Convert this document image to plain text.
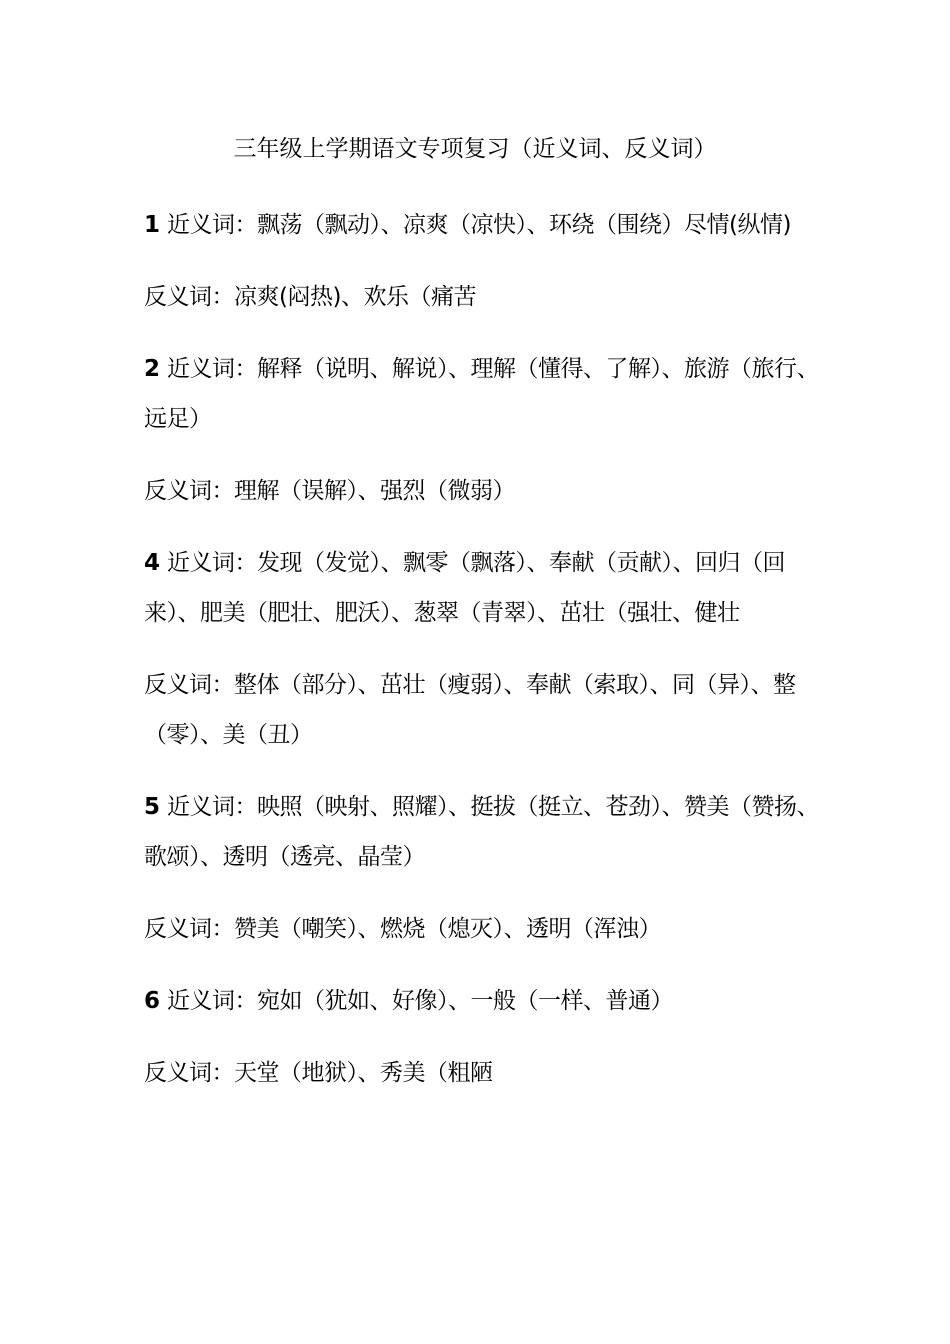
三年级上学期语文专项复习（近义词、反义词）

1 近义词：飘荡（飘动）、凉爽（凉快）、环绕（围绕）尽情(纵情)

反义词：凉爽(闷热)、欢乐（痛苦

2 近义词：解释（说明、解说）、理解（懂得、了解）、旅游（旅行、远足）

反义词：理解（误解）、强烈（微弱）

4 近义词：发现（发觉）、飘零（飘落）、奉献（贡献）、回归（回来）、肥美（肥壮、肥沃）、葱翠（青翠）、茁壮（强壮、健壮

反义词：整体（部分）、茁壮（瘦弱）、奉献（索取）、同（异）、整（零）、美（丑）

5 近义词：映照（映射、照耀）、挺拔（挺立、苍劲）、赞美（赞扬、歌颂）、透明（透亮、晶莹）

反义词：赞美（嘲笑）、燃烧（熄灭）、透明（浑浊）

6 近义词：宛如（犹如、好像）、一般（一样、普通）

反义词：天堂（地狱）、秀美（粗陋
